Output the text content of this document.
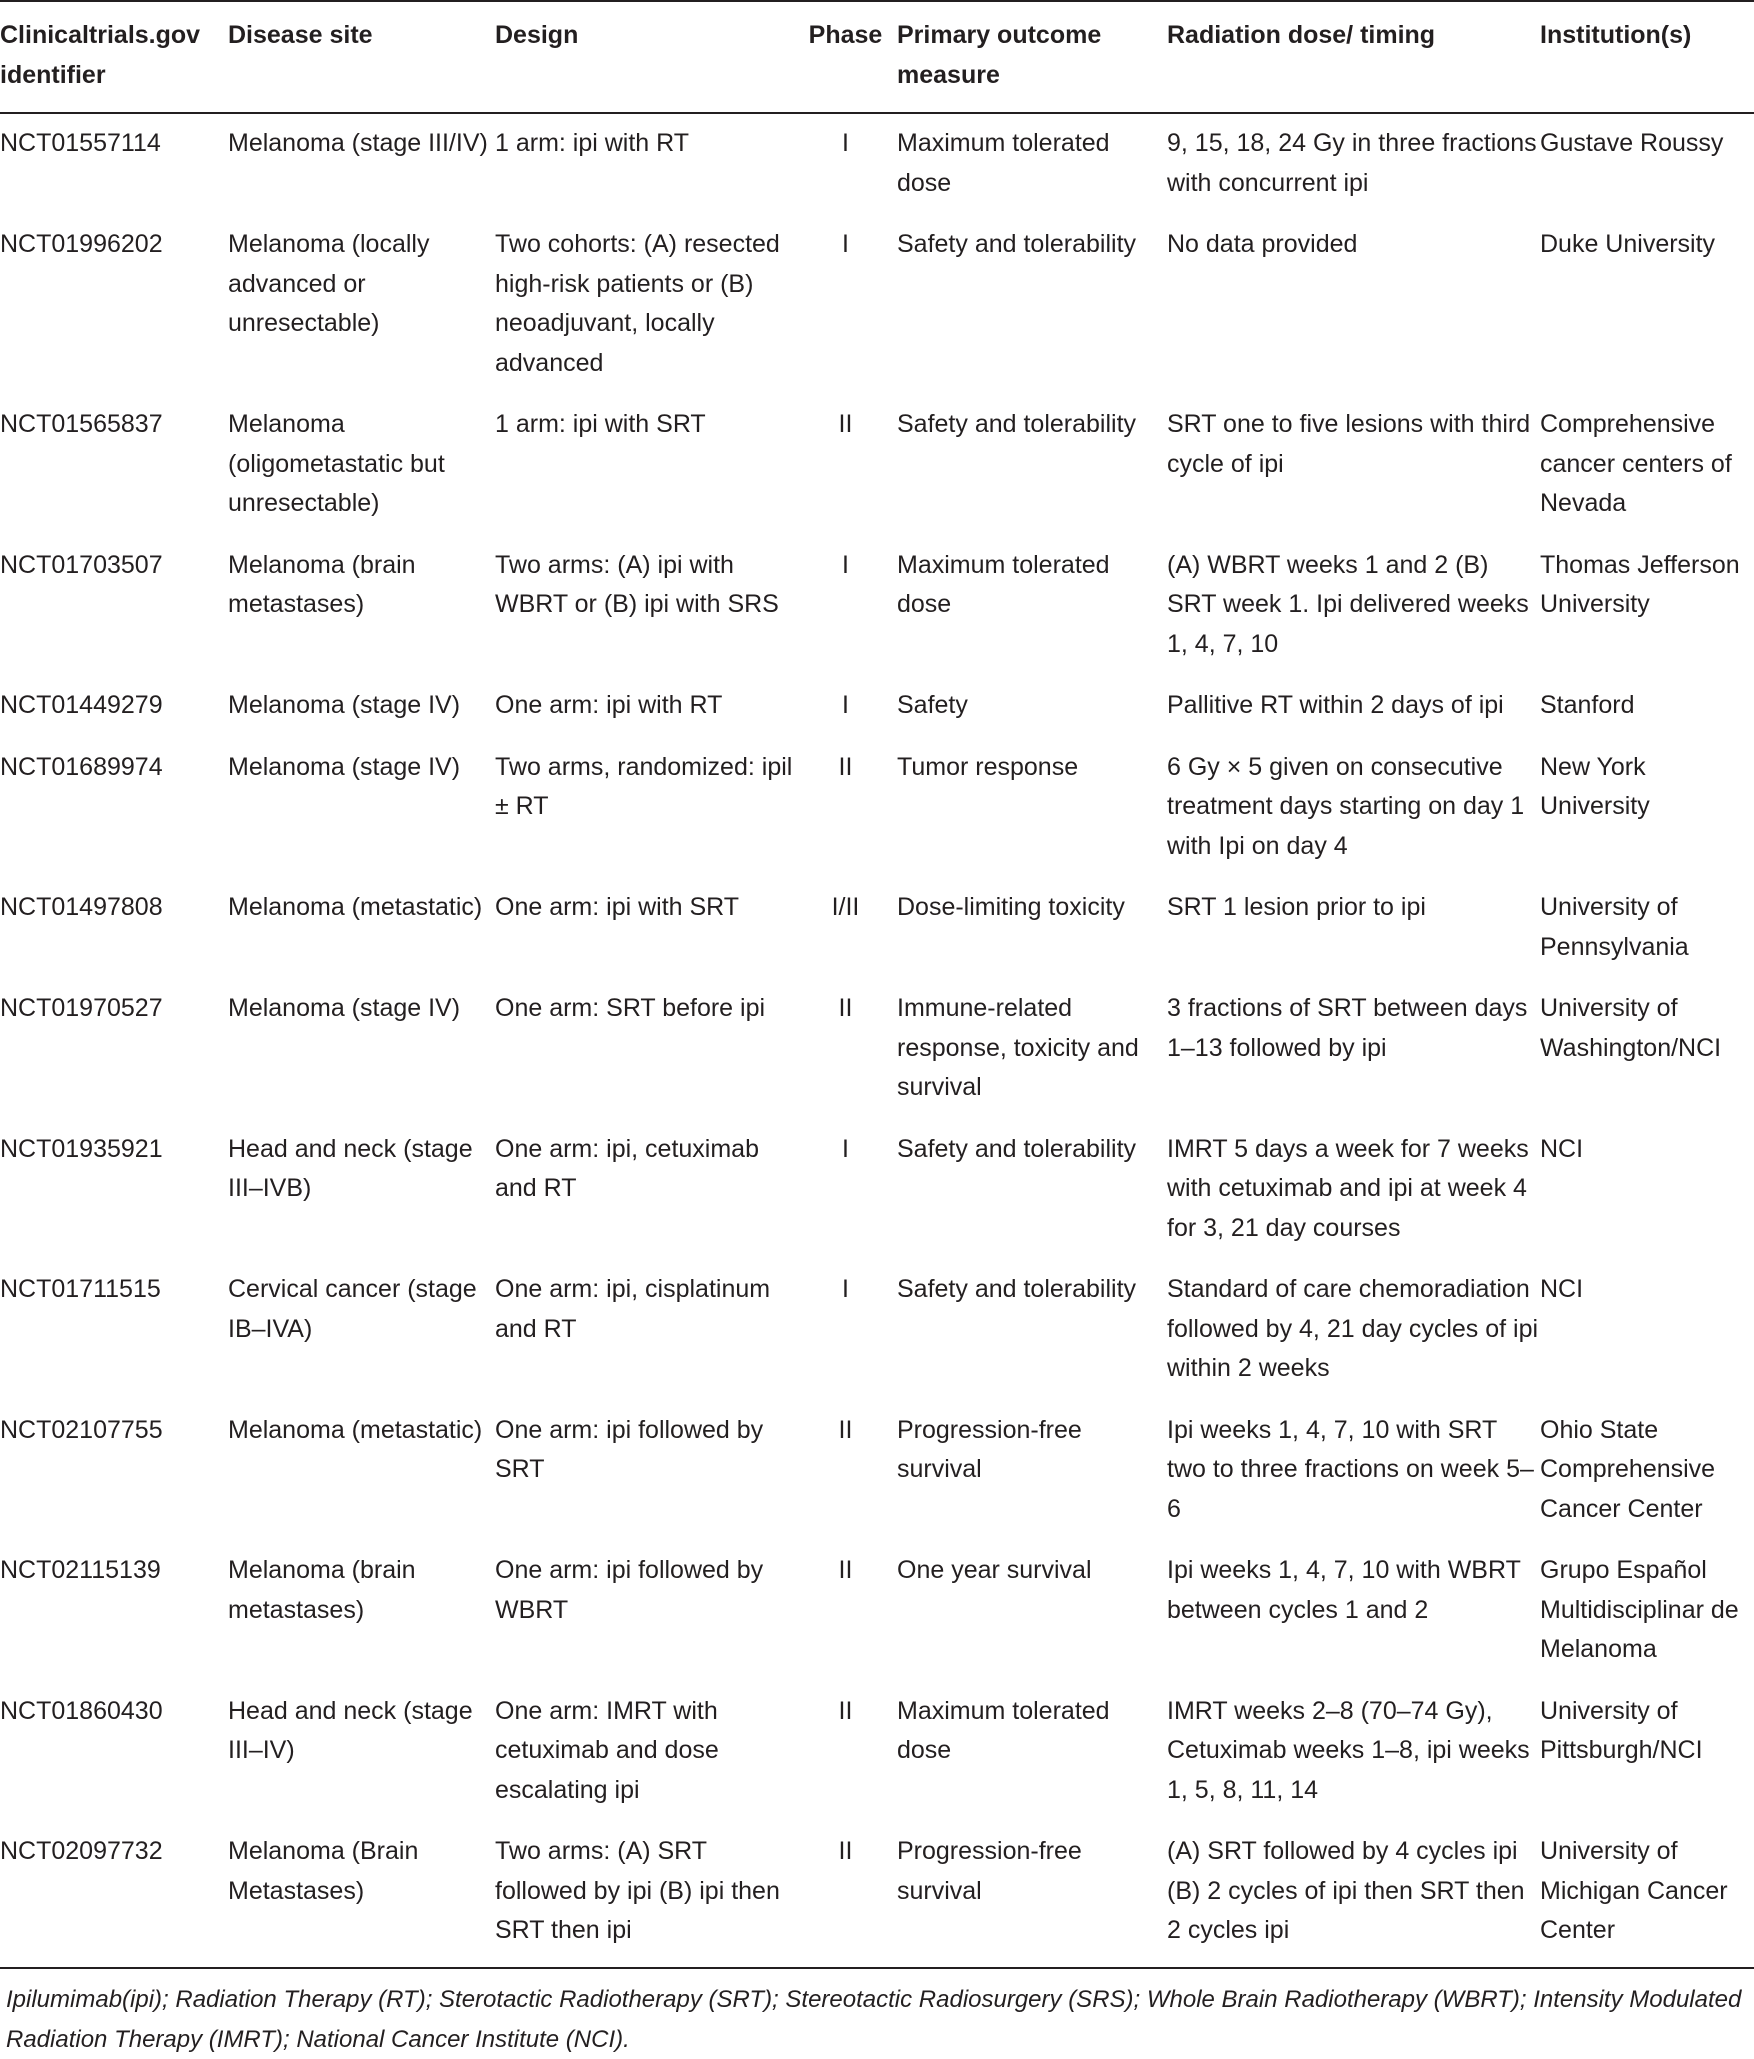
Clinicaltrials.gov identifier	Disease site	Design	Phase	Primary outcome measure	Radiation dose/ timing	Institution(s)
NCT01557114	Melanoma (stage III/IV)	1 arm: ipi with RT	I	Maximum tolerated dose	9, 15, 18, 24 Gy in three fractions with concurrent ipi	Gustave Roussy
NCT01996202	Melanoma (locally advanced or unresectable)	Two cohorts: (A) resected high-risk patients or (B) neoadjuvant, locally advanced	I	Safety and tolerability	No data provided	Duke University
NCT01565837	Melanoma (oligometastatic but unresectable)	1 arm: ipi with SRT	II	Safety and tolerability	SRT one to five lesions with third cycle of ipi	Comprehensive cancer centers of Nevada
NCT01703507	Melanoma (brain metastases)	Two arms: (A) ipi with WBRT or (B) ipi with SRS	I	Maximum tolerated dose	(A) WBRT weeks 1 and 2 (B) SRT week 1. Ipi delivered weeks 1, 4, 7, 10	Thomas Jefferson University
NCT01449279	Melanoma (stage IV)	One arm: ipi with RT	I	Safety	Pallitive RT within 2 days of ipi	Stanford
NCT01689974	Melanoma (stage IV)	Two arms, randomized: ipil ± RT	II	Tumor response	6 Gy × 5 given on consecutive treatment days starting on day 1 with Ipi on day 4	New York University
NCT01497808	Melanoma (metastatic)	One arm: ipi with SRT	I/II	Dose-limiting toxicity	SRT 1 lesion prior to ipi	University of Pennsylvania
NCT01970527	Melanoma (stage IV)	One arm: SRT before ipi	II	Immune-related response, toxicity and survival	3 fractions of SRT between days 1–13 followed by ipi	University of Washington/NCI
NCT01935921	Head and neck (stage III–IVB)	One arm: ipi, cetuximab and RT	I	Safety and tolerability	IMRT 5 days a week for 7 weeks with cetuximab and ipi at week 4 for 3, 21 day courses	NCI
NCT01711515	Cervical cancer (stage IB–IVA)	One arm: ipi, cisplatinum and RT	I	Safety and tolerability	Standard of care chemoradiation followed by 4, 21 day cycles of ipi within 2 weeks	NCI
NCT02107755	Melanoma (metastatic)	One arm: ipi followed by SRT	II	Progression-free survival	Ipi weeks 1, 4, 7, 10 with SRT two to three fractions on week 5–6	Ohio State Comprehensive Cancer Center
NCT02115139	Melanoma (brain metastases)	One arm: ipi followed by WBRT	II	One year survival	Ipi weeks 1, 4, 7, 10 with WBRT between cycles 1 and 2	Grupo Español Multidisciplinar de Melanoma
NCT01860430	Head and neck (stage III–IV)	One arm: IMRT with cetuximab and dose escalating ipi	II	Maximum tolerated dose	IMRT weeks 2–8 (70–74 Gy), Cetuximab weeks 1–8, ipi weeks 1, 5, 8, 11, 14	University of Pittsburgh/NCI
NCT02097732	Melanoma (Brain Metastases)	Two arms: (A) SRT followed by ipi (B) ipi then SRT then ipi	II	Progression-free survival	(A) SRT followed by 4 cycles ipi (B) 2 cycles of ipi then SRT then 2 cycles ipi	University of Michigan Cancer Center
Ipilumimab(ipi); Radiation Therapy (RT); Sterotactic Radiotherapy (SRT); Stereotactic Radiosurgery (SRS); Whole Brain Radiotherapy (WBRT); Intensity Modulated Radiation Therapy (IMRT); National Cancer Institute (NCI).
